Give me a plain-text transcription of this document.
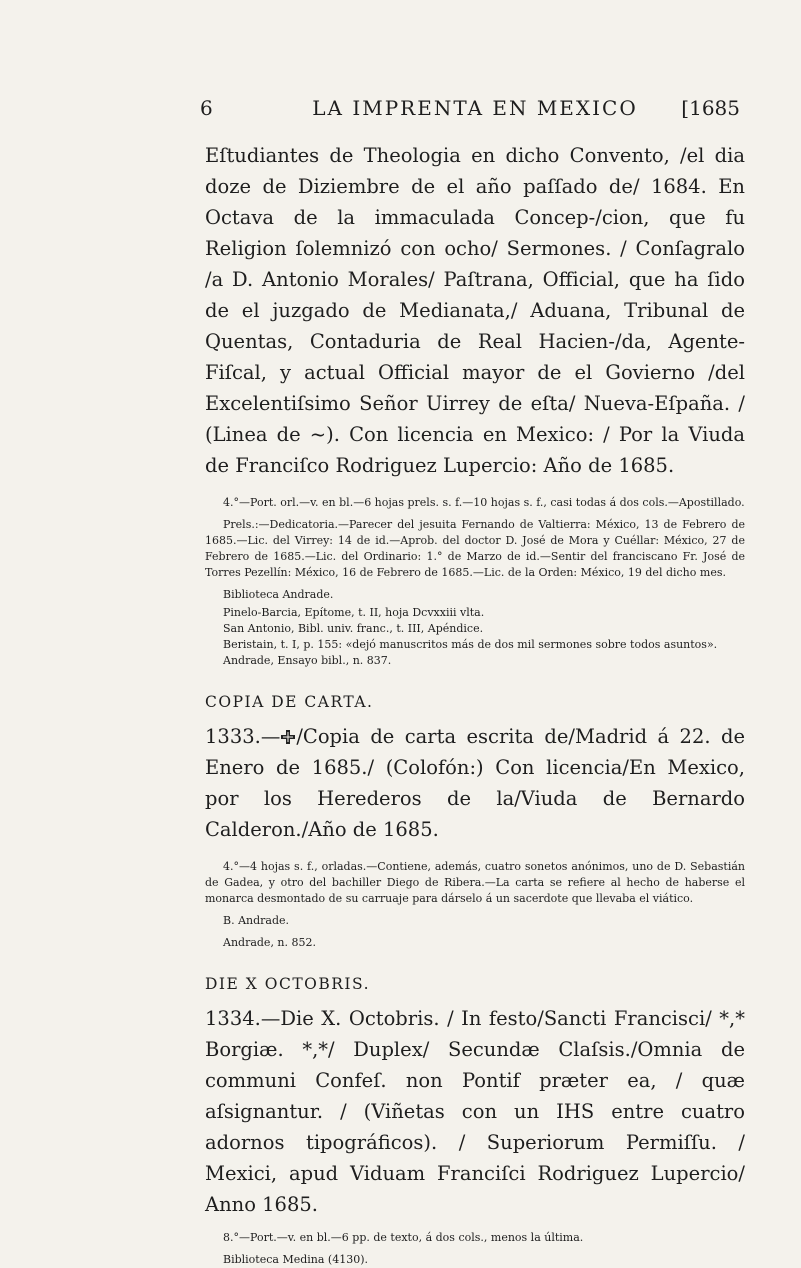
6	LA IMPRENTA EN MEXICO	[1685

Eſtudiantes de Theologia en dicho Convento, /el dia doze de Diziembre de el año paſſado de/ 1684. En Octava de la immaculada Concep-/cion, que fu Religion ſolemnizó con ocho/ Sermones. / Conſagralo /a D. Antonio Morales/ Paſtrana, Official, que ha ſido de el juzgado de Medianata,/ Aduana, Tribunal de Quentas, Contaduria de Real Hacien-/da, Agente-Fiſcal, y actual Official mayor de el Govierno /del Excelentiſsimo Señor Uirrey de eſta/ Nueva-Eſpaña. / (Linea de ~). Con licencia en Mexico: / Por la Viuda de Franciſco Rodriguez Lupercio: Año de 1685.

4.°—Port. orl.—v. en bl.—6 hojas prels. s. f.—10 hojas s. f., casi todas á dos cols.—Apostillado.

Prels.:—Dedicatoria.—Parecer del jesuita Fernando de Valtierra: México, 13 de Febrero de 1685.—Lic. del Virrey: 14 de id.—Aprob. del doctor D. José de Mora y Cuéllar: México, 27 de Febrero de 1685.—Lic. del Ordinario: 1.° de Marzo de id.—Sentir del franciscano Fr. José de Torres Pezellín: México, 16 de Febrero de 1685.—Lic. de la Orden: México, 19 del dicho mes.

Biblioteca Andrade.

Pinelo-Barcia, Epítome, t. II, hoja Dcvxxiii vlta.

San Antonio, Bibl. univ. franc., t. III, Apéndice.

Beristain, t. I, p. 155: «dejó manuscritos más de dos mil sermones sobre todos asuntos».

Andrade, Ensayo bibl., n. 837.

COPIA DE CARTA.

1333.— /Copia de carta escrita de/Madrid á 22. de Enero de 1685./ (Colofón:) Con licencia/En Mexico, por los Herederos de la/Viuda de Bernardo Calderon./Año de 1685.

4.°—4 hojas s. f., orladas.—Contiene, además, cuatro sonetos anónimos, uno de D. Sebastián de Gadea, y otro del bachiller Diego de Ribera.—La carta se refiere al hecho de haberse el monarca desmontado de su carruaje para dárselo á un sacerdote que llevaba el viático.

B. Andrade.

Andrade, n. 852.

DIE X OCTOBRIS.

1334.—Die X. Octobris. / In festo/Sancti Francisci/ *,* Borgiæ. *,*/ Duplex/ Secundæ Claſsis./Omnia de communi Confeſ. non Pontif præter ea, / quæ aſsignantur. / (Viñetas con un IHS entre cuatro adornos tipográficos). / Superiorum Permiſſu. / Mexici, apud Viduam Franciſci Rodriguez Lupercio/ Anno 1685.

8.°—Port.—v. en bl.—6 pp. de texto, á dos cols., menos la última.

Biblioteca Medina (4130).
